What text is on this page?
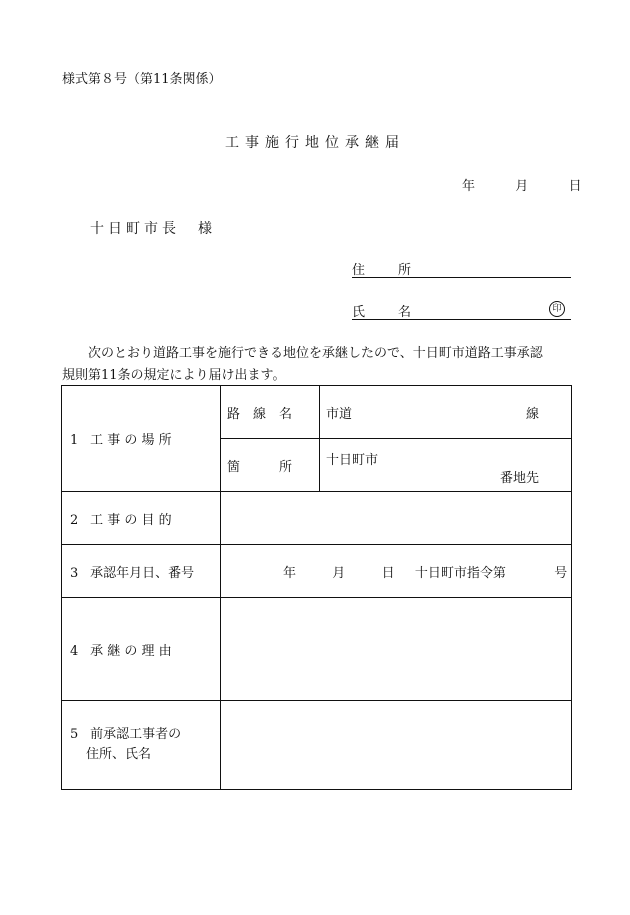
様式第８号（第11条関係）
工事施行地位承継届
年	月	日
十日町市長　様
住　所
氏　名	印
次のとおり道路工事を施行できる地位を承継したので、十日町市道路工事承認
規則第11条の規定により届け出ます。
1 工 事 の 場 所	路　線　名	市道 線

	箇　　　所	十日町市
番地先

2 工 事 の 目 的		
3 承認年月日、番号	年 月 日 十日町市指令第 号	

4 承 継 の 理 由		

5 前承認工事者の
住所、氏名		
